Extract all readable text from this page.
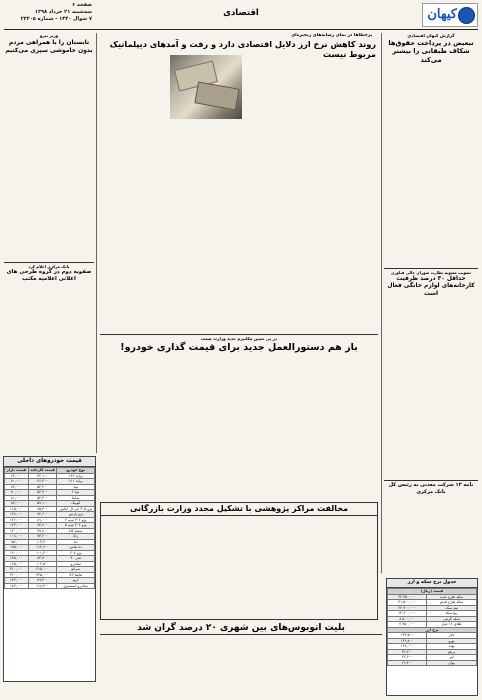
کیهان
اقتصادی
صفحه ۶
سه‌شنبه ۲۱ خرداد ۱۳۹۸
۷ شوال ۱۴۴۰ - شماره ۲۲۲۰۵
گزارش کیهان اقتصادی
تبعیض در پرداخت حقوق‌ها شکاف طبقاتی را بیشتر می‌کند
تصویب مصوبه نظارت شورای عالی فناوری
حداقل ۳۰ درصد ظرفیت کارخانه‌های لوازم خانگی فعال است
نامه ۱۳ شرکت معدنی به رئیس کل بانک مرکزی
پرخطاها در نمای رسانه‌های زنجیره‌ای
روند کاهش نرخ ارز دلایل اقتصادی دارد و رفت و آمدهای دیپلماتیک مربوط نیست
وزیر نیرو
تابستان را با همراهی مردم بدون خاموشی سپری می‌کنیم
بانک مرکزی اعلام کرد
صفوبه دوم در گروه طرحی های اعلانی اعلامیه مکتب
در پی تعیین مکانیزم جدید وزارت صمت
باز هم دستورالعمل جدید برای قیمت گذاری خودرو!
قیمت خودروهای داخلی
نوع خودرو	قیمت کارخانه	قیمت بازار
پراید ۱۳۱	۴۲,۱۰۰	۶۴,۰۰۰
پراید ۱۱۱	۴۶,۳۰۰	۷۰,۰۰۰
تیبا	۵۲,۴۰۰	۷۷,۰۰۰
تیبا ۲	۵۳,۹۰۰	۸۰,۰۰۰
ساینا	۵۴,۲۰۰	۸۱,۰۰۰
کوییک	۵۷,۱۰۰	۸۷,۰۰۰
پژو ۴۰۵ جی ال ایکس	۷۵,۳۰۰	۱۱۵,۰۰۰
پژو پارس	۸۲,۶۰۰	۱۲۸,۰۰۰
پژو ۲۰۶ تیپ ۲	۸۱,۰۰۰	۱۲۶,۰۰۰
پژو ۲۰۶ تیپ ۵	۹۳,۸۰۰	۱۴۲,۰۰۰
سمند LX	۷۷,۸۰۰	۱۲۰,۰۰۰
رانا	۷۳,۲۰۰	۱۰۸,۰۰۰
دنا	۱۰۳,۴۰۰	۱۵۶,۰۰۰
دنا پلاس	۱۱۴,۶۰۰	۱۷۵,۰۰۰
پژو ۲۰۷	۱۰۱,۲۰۰	۱۶۰,۰۰۰
تندر ۹۰	۸۴,۷۰۰	۱۳۵,۰۰۰
ساندرو	۱۰۲,۵۰۰	۱۶۵,۰۰۰
سراتو	۲۱۵,۰۰۰	۳۱۰,۰۰۰
هایما S7	۲۴۵,۰۰۰	۳۶۰,۰۰۰
آریو	۸۹,۳۰۰	۱۳۲,۰۰۰
ساندرو استپ‌وی	۱۱۸,۴۰۰	۱۸۲,۰۰۰
مخالفت مراکز پژوهشی با تشکیل مجدد وزارت بازرگانی
بلیت اتوبوس‌های بین شهری ۲۰ درصد گران شد
جدول نرخ سکه و ارز
قیمت (ریال)	
سکه طرح جدید	۴۲,۳۵۰,۰۰۰
سکه طرح قدیم	۴۱,۵۰۰,۰۰۰
نیم سکه	۲۲,۹۰۰,۰۰۰
ربع سکه	۱۴,۶۰۰,۰۰۰
سکه گرمی	۸,۵۰۰,۰۰۰
طلای ۱۸ عیار	۳,۹۵۰,۰۰۰
نرخ ارز	
دلار	۱۳۲,۵۰۰
یورو	۱۴۹,۸۰۰
پوند	۱۶۸,۰۰۰
درهم	۳۶,۲۰۰
لیر	۲۲,۶۰۰
یوان	۱۹,۴۰۰
